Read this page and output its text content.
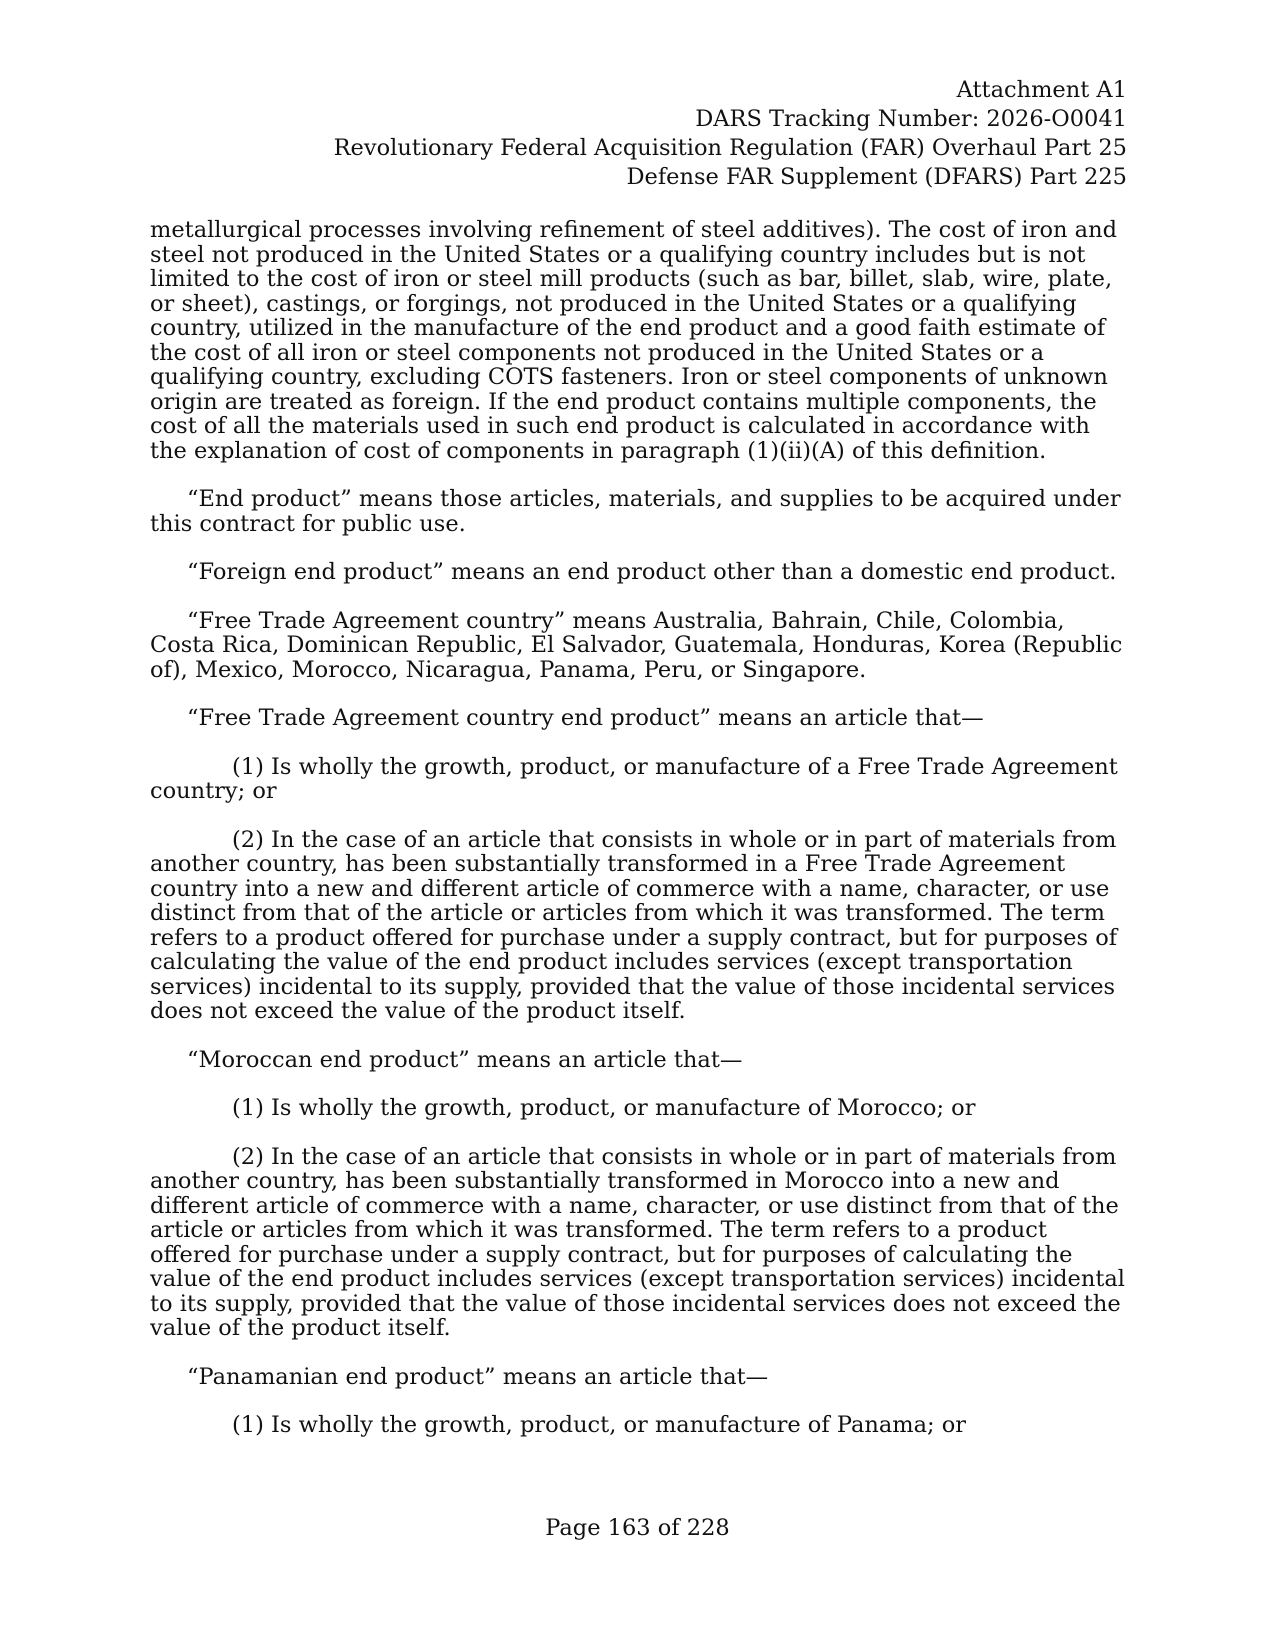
Attachment A1
DARS Tracking Number: 2026-O0041
Revolutionary Federal Acquisition Regulation (FAR) Overhaul Part 25
Defense FAR Supplement (DFARS) Part 225

metallurgical processes involving refinement of steel additives). The cost of iron and steel not produced in the United States or a qualifying country includes but is not limited to the cost of iron or steel mill products (such as bar, billet, slab, wire, plate, or sheet), castings, or forgings, not produced in the United States or a qualifying country, utilized in the manufacture of the end product and a good faith estimate of the cost of all iron or steel components not produced in the United States or a qualifying country, excluding COTS fasteners. Iron or steel components of unknown origin are treated as foreign. If the end product contains multiple components, the cost of all the materials used in such end product is calculated in accordance with the explanation of cost of components in paragraph (1)(ii)(A) of this definition.

“End product” means those articles, materials, and supplies to be acquired under this contract for public use.

“Foreign end product” means an end product other than a domestic end product.

“Free Trade Agreement country” means Australia, Bahrain, Chile, Colombia, Costa Rica, Dominican Republic, El Salvador, Guatemala, Honduras, Korea (Republic of), Mexico, Morocco, Nicaragua, Panama, Peru, or Singapore.

“Free Trade Agreement country end product” means an article that—

(1) Is wholly the growth, product, or manufacture of a Free Trade Agreement country; or

(2) In the case of an article that consists in whole or in part of materials from another country, has been substantially transformed in a Free Trade Agreement country into a new and different article of commerce with a name, character, or use distinct from that of the article or articles from which it was transformed. The term refers to a product offered for purchase under a supply contract, but for purposes of calculating the value of the end product includes services (except transportation services) incidental to its supply, provided that the value of those incidental services does not exceed the value of the product itself.

“Moroccan end product” means an article that—

(1) Is wholly the growth, product, or manufacture of Morocco; or

(2) In the case of an article that consists in whole or in part of materials from another country, has been substantially transformed in Morocco into a new and different article of commerce with a name, character, or use distinct from that of the article or articles from which it was transformed. The term refers to a product offered for purchase under a supply contract, but for purposes of calculating the value of the end product includes services (except transportation services) incidental to its supply, provided that the value of those incidental services does not exceed the value of the product itself.

“Panamanian end product” means an article that—

(1) Is wholly the growth, product, or manufacture of Panama; or

Page 163 of 228
